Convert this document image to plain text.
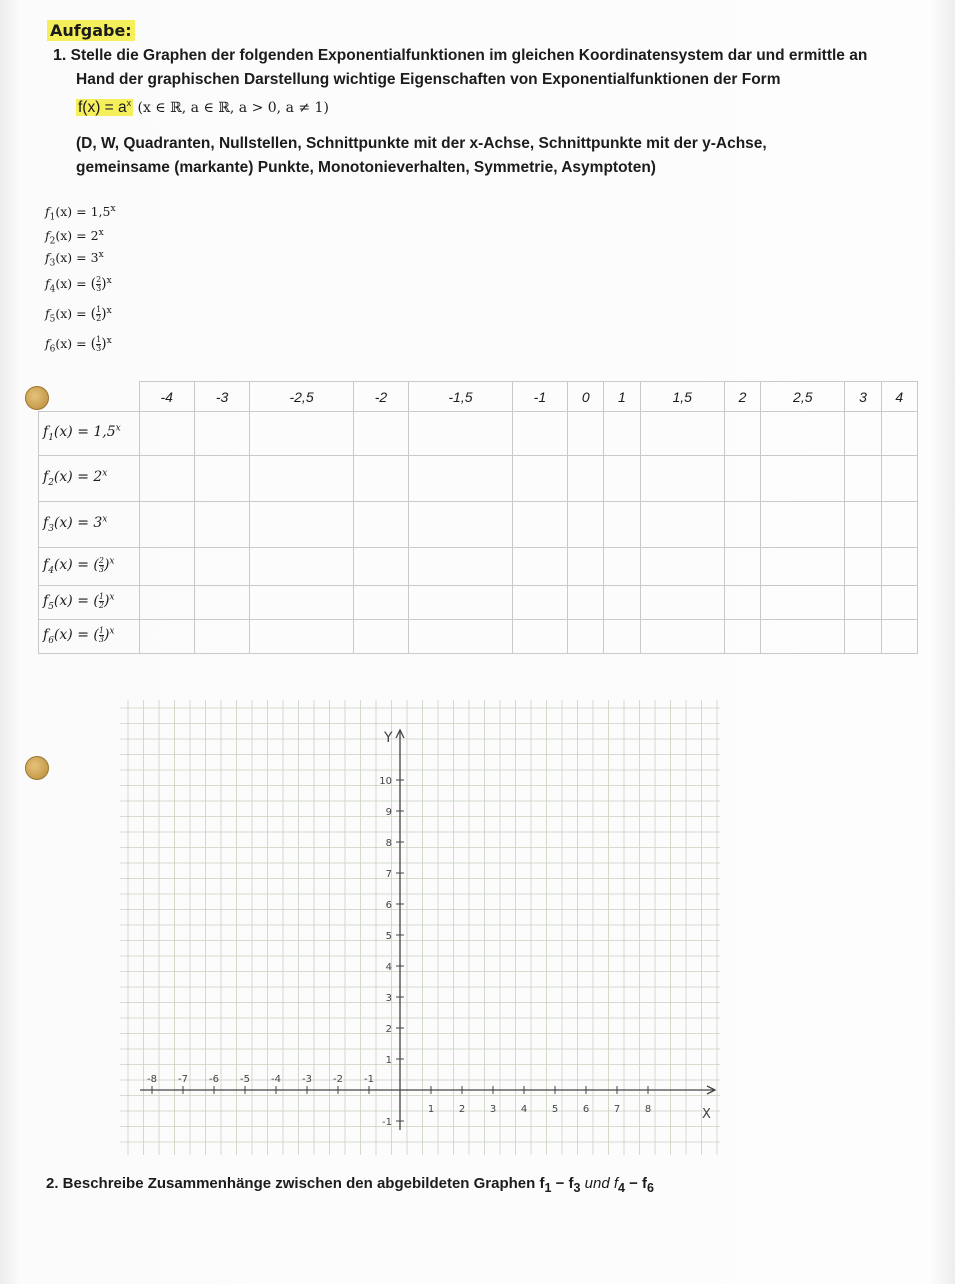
Aufgabe:
1. Stelle die Graphen der folgenden Exponentialfunktionen im gleichen Koordinatensystem dar und ermittle an
Hand der graphischen Darstellung wichtige Eigenschaften von Exponentialfunktionen der Form
$f(x) = a^x$ (x ∈ ℝ, a ∈ ℝ, a > 0, a ≠ 1)
(D, W, Quadranten, Nullstellen, Schnittpunkte mit der x-Achse, Schnittpunkte mit der y-Achse,
gemeinsame (markante) Punkte, Monotonieverhalten, Symmetrie, Asymptoten)
$f_1(x) = 1,5^x$
$f_2(x) = 2^x$
$f_3(x) = 3^x$
$f_4(x)$ = ( $\frac{2}{3} )^x$
$f_5(x)$ = ( $\frac{1}{2} )^x$
$f_6(x)$ = ( $\frac{1}{3} )^x$
	-4	-3	-2,5	-2	-1,5	-1	0	1	1,5	2	2,5	3	4
$f_1(x) = 1,5^x$													
$f_2(x) = 2^x$													
$f_3(x) = 3^x$													
$f_4(x)$ = ( $\frac{2}{3} )^x$													
$f_5(x)$ = ( $\frac{1}{2} )^x$													
$f_6(x)$ = ( $\frac{1}{3} )^x$													
Y
X
10
9
8
7
6
5
4
3
2
1
-1
-8 -7 -6 -5 -4 -3 -2 -1
1 2 3 4 5 6 7 8
2. Beschreibe Zusammenhänge zwischen den abgebildeten Graphen $f_1 - f_3$ und $f_4 - f_6$
